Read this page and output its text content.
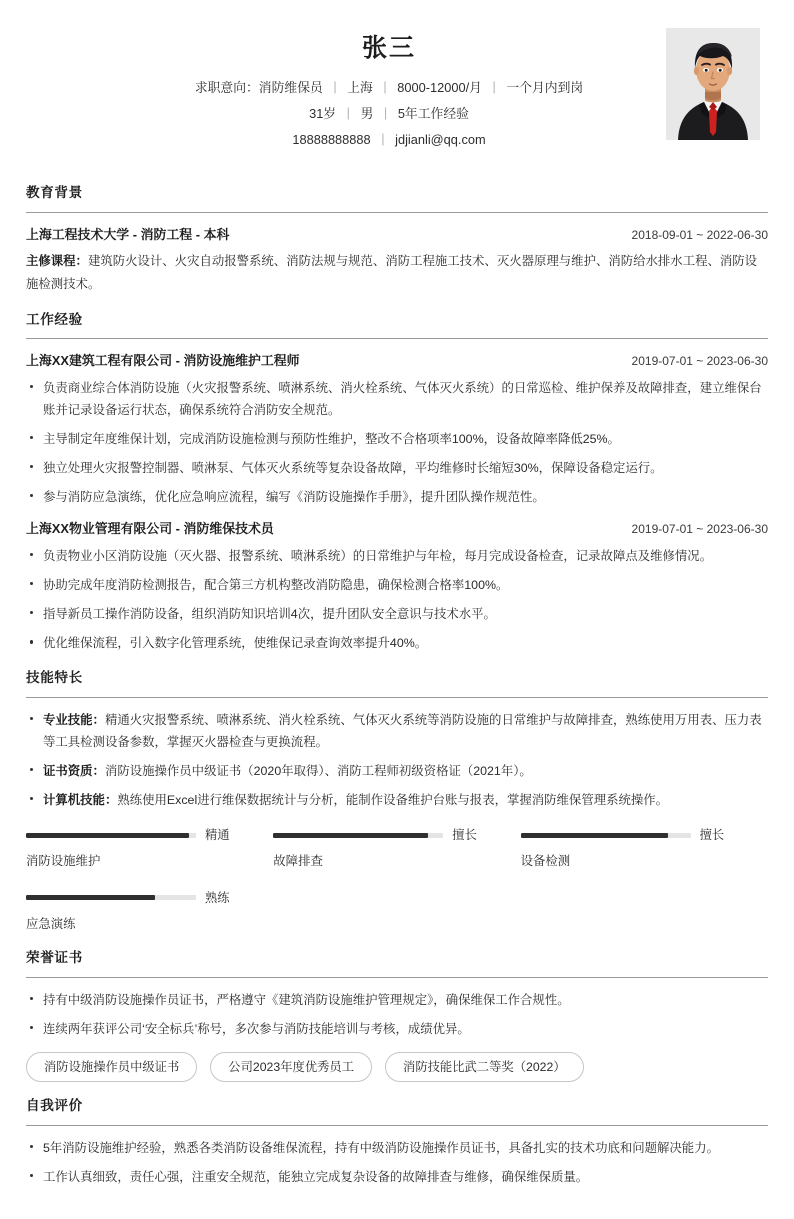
张三
求职意向：消防维保员 | 上海 | 8000-12000/月 | 一个月内到岗
31岁 | 男 | 5年工作经验
18888888888 | jdjianli@qq.com
教育背景
上海工程技术大学 - 消防工程 - 本科	2018-09-01 ~ 2022-06-30
主修课程：建筑防火设计、火灾自动报警系统、消防法规与规范、消防工程施工技术、灭火器原理与维护、消防给水排水工程、消防设施检测技术。
工作经验
上海XX建筑工程有限公司 - 消防设施维护工程师	2019-07-01 ~ 2023-06-30
负责商业综合体消防设施（火灾报警系统、喷淋系统、消火栓系统、气体灭火系统）的日常巡检、维护保养及故障排查，建立维保台账并记录设备运行状态，确保系统符合消防安全规范。
主导制定年度维保计划，完成消防设施检测与预防性维护，整改不合格项率100%，设备故障率降低25%。
独立处理火灾报警控制器、喷淋泵、气体灭火系统等复杂设备故障，平均维修时长缩短30%，保障设备稳定运行。
参与消防应急演练，优化应急响应流程，编写《消防设施操作手册》，提升团队操作规范性。
上海XX物业管理有限公司 - 消防维保技术员	2019-07-01 ~ 2023-06-30
负责物业小区消防设施（灭火器、报警系统、喷淋系统）的日常维护与年检，每月完成设备检查，记录故障点及维修情况。
协助完成年度消防检测报告，配合第三方机构整改消防隐患，确保检测合格率100%。
指导新员工操作消防设备，组织消防知识培训4次，提升团队安全意识与技术水平。
优化维保流程，引入数字化管理系统，使维保记录查询效率提升40%。
技能特长
专业技能：精通火灾报警系统、喷淋系统、消火栓系统、气体灭火系统等消防设施的日常维护与故障排查，熟练使用万用表、压力表等工具检测设备参数，掌握灭火器检查与更换流程。
证书资质：消防设施操作员中级证书（2020年取得）、消防工程师初级资格证（2021年）。
计算机技能：熟练使用Excel进行维保数据统计与分析，能制作设备维护台账与报表，掌握消防维保管理系统操作。
精通
消防设施维护
擅长
故障排查
擅长
设备检测
熟练
应急演练
荣誉证书
持有中级消防设施操作员证书，严格遵守《建筑消防设施维护管理规定》，确保维保工作合规性。
连续两年获评公司‘安全标兵’称号，多次参与消防技能培训与考核，成绩优异。
消防设施操作员中级证书	公司2023年度优秀员工	消防技能比武二等奖（2022）
自我评价
5年消防设施维护经验，熟悉各类消防设备维保流程，持有中级消防设施操作员证书，具备扎实的技术功底和问题解决能力。
工作认真细致，责任心强，注重安全规范，能独立完成复杂设备的故障排查与维修，确保维保质量。
